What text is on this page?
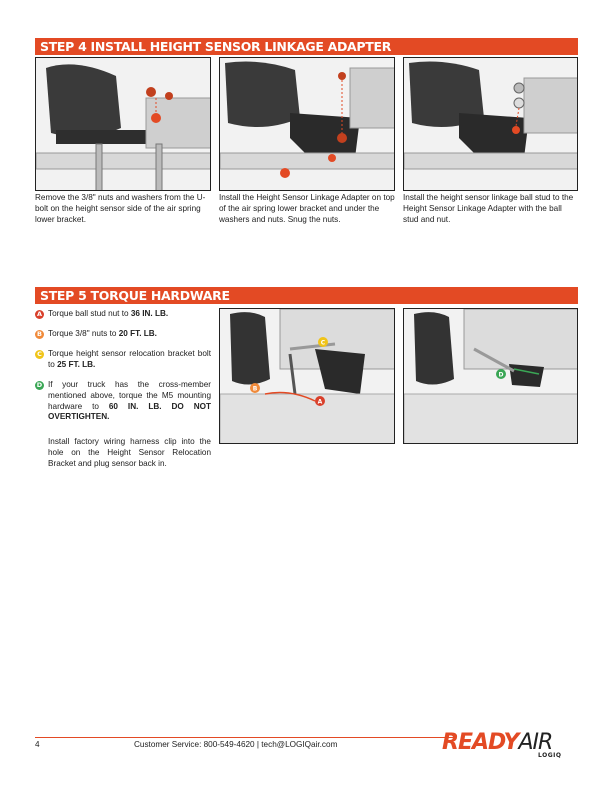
STEP 4 INSTALL HEIGHT SENSOR LINKAGE ADAPTER
Remove the 3/8" nuts and washers from the U-bolt on the height sensor side of the air spring lower bracket.
Install the Height Sensor Linkage Adapter on top of the air spring lower bracket and under the washers and nuts. Snug the nuts.
Install the height sensor linkage ball stud to the Height Sensor Linkage Adapter with the ball stud and nut.
STEP 5 TORQUE HARDWARE
A Torque ball stud nut to 36 IN. LB.
B Torque 3/8" nuts to 20 FT. LB.
C Torque height sensor relocation bracket bolt to 25 FT. LB.
D If your truck has the cross-member mentioned above, torque the M5 mounting hardware to 60 IN. LB. DO NOT OVERTIGHTEN.
Install factory wiring harness clip into the hole on the Height Sensor Relocation Bracket and plug sensor back in.
C
B
A
D
4	Customer Service: 800-549-4620 | tech@LOGIQair.com	READYAIR
LOGIQ
